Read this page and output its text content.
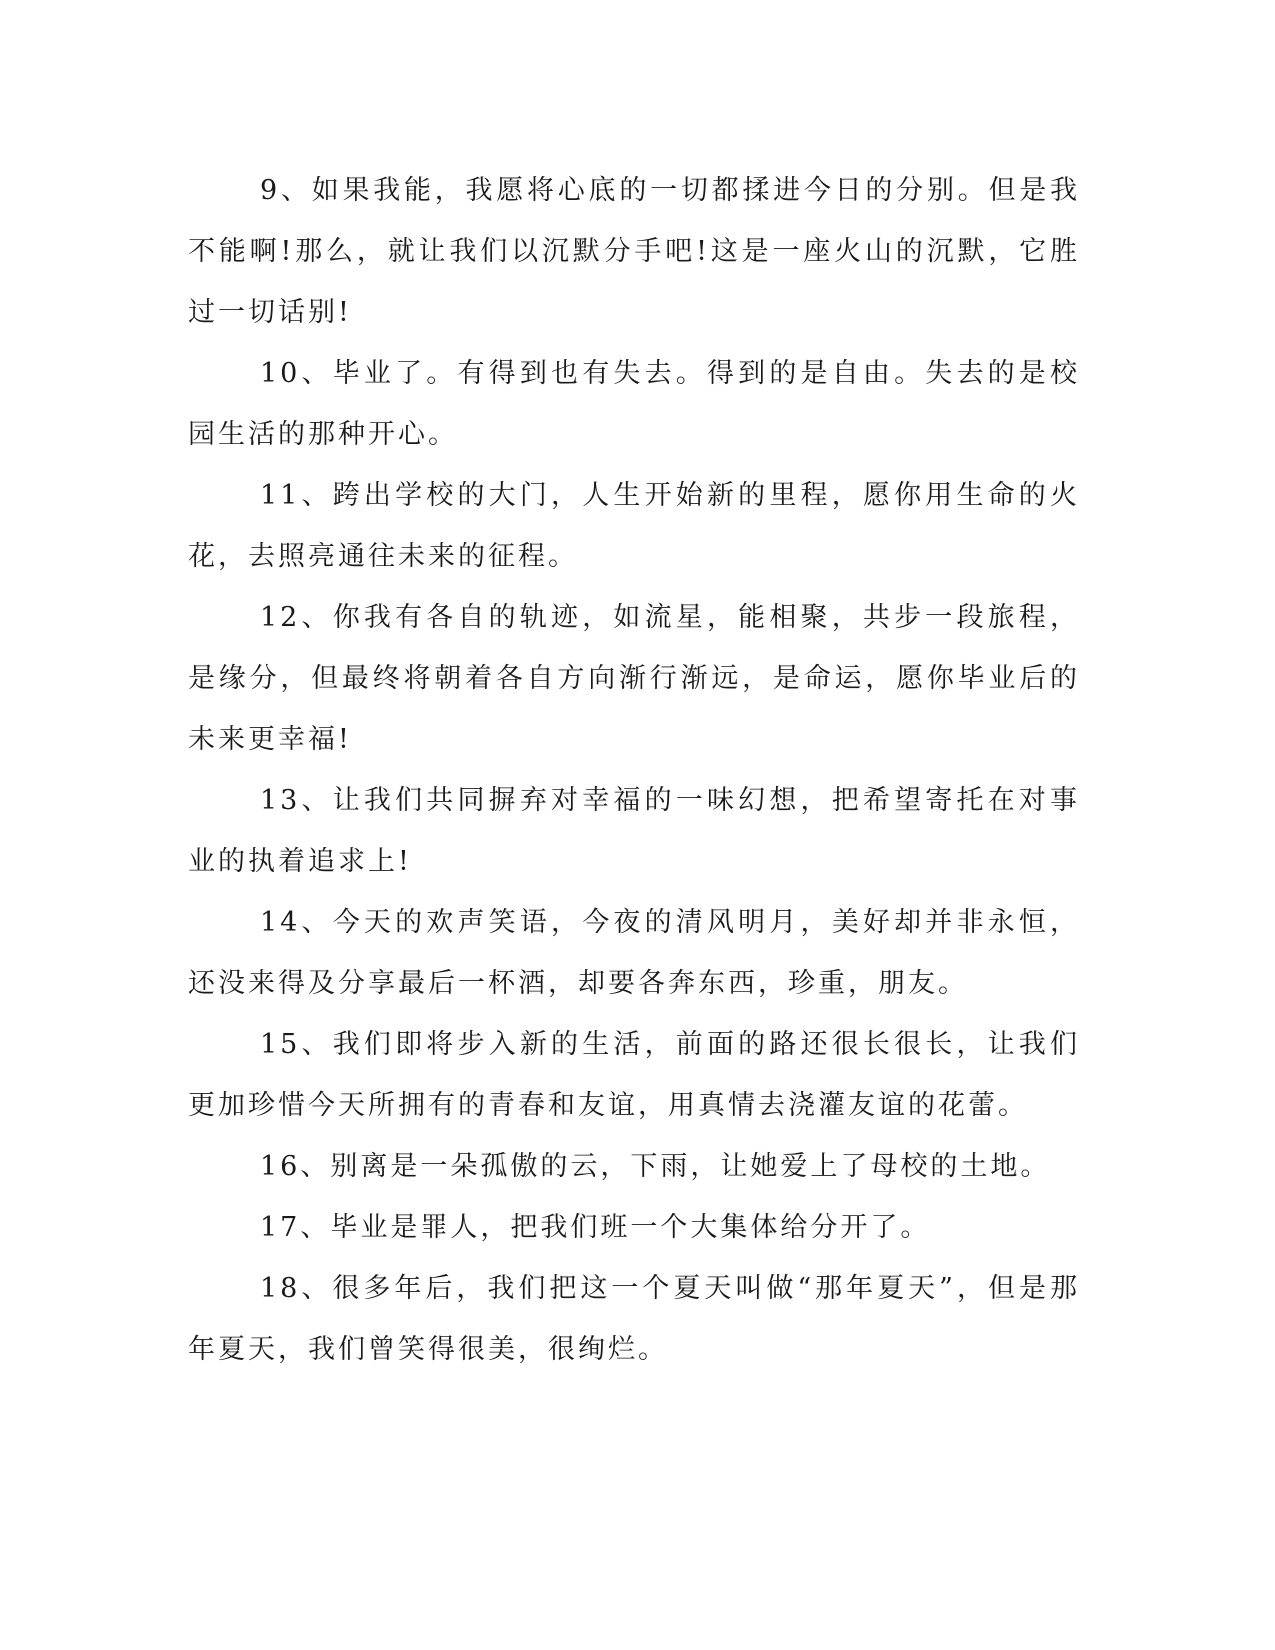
9、如果我能，我愿将心底的一切都揉进今日的分别。但是我不能啊!那么，就让我们以沉默分手吧!这是一座火山的沉默，它胜过一切话别!

10、毕业了。有得到也有失去。得到的是自由。失去的是校园生活的那种开心。

11、跨出学校的大门，人生开始新的里程，愿你用生命的火花，去照亮通往未来的征程。

12、你我有各自的轨迹，如流星，能相聚，共步一段旅程，是缘分，但最终将朝着各自方向渐行渐远，是命运，愿你毕业后的未来更幸福!

13、让我们共同摒弃对幸福的一味幻想，把希望寄托在对事业的执着追求上!

14、今天的欢声笑语，今夜的清风明月，美好却并非永恒，还没来得及分享最后一杯酒，却要各奔东西，珍重，朋友。

15、我们即将步入新的生活，前面的路还很长很长，让我们更加珍惜今天所拥有的青春和友谊，用真情去浇灌友谊的花蕾。

16、别离是一朵孤傲的云，下雨，让她爱上了母校的土地。

17、毕业是罪人，把我们班一个大集体给分开了。

18、很多年后，我们把这一个夏天叫做“那年夏天”，但是那年夏天，我们曾笑得很美，很绚烂。
